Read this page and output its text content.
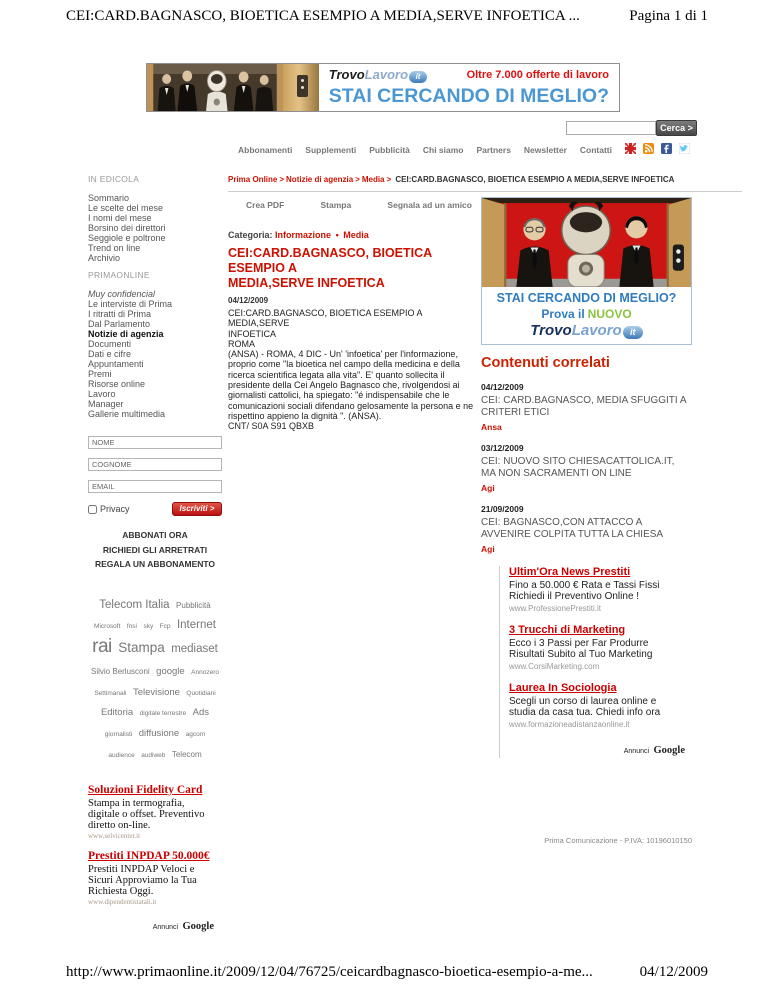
CEI:CARD.BAGNASCO, BIOETICA ESEMPIO A MEDIA,SERVE INFOETICA ...	Pagina 1 di 1
TrovoLavoro it	Oltre 7.000 offerte di lavoro
STAI CERCANDO DI MEGLIO?
Cerca >
Abbonamenti Supplementi Pubblicità Chi siamo Partners Newsletter Contatti
Prima Online > Notizie di agenzia > Media > CEI:CARD.BAGNASCO, BIOETICA ESEMPIO A MEDIA,SERVE INFOETICA
IN EDICOLA
Sommario
Le scelte del mese
I nomi del mese
Borsino dei direttori
Seggiole e poltrone
Trend on line
Archivio
PRIMAONLINE
Muy confidencial
Le interviste di Prima
I ritratti di Prima
Dal Parlamento
Notizie di agenzia
Documenti
Dati e cifre
Appuntamenti
Premi
Risorse online
Lavoro
Manager
Gallerie multimedia
NOME
COGNOME
EMAIL
Privacy	Iscriviti >
ABBONATI ORA
RICHIEDI GLI ARRETRATI
REGALA UN ABBONAMENTO
Telecom Italia Pubblicità Microsoft fnsi sky Fcp Internet rai Stampa mediaset Silvio Berlusconi google Annozero Settimanali Televisione Quotidiani Editoria digitale terrestre Ads giornalisti diffusione agcom audience audiweb Telecom
Soluzioni Fidelity Card
Stampa in termografia,
digitale o offset. Preventivo
diretto on-line.
www.selvicenter.it
Prestiti INPDAP 50.000€
Prestiti INPDAP Veloci e
Sicuri Approviamo la Tua
Richiesta Oggi.
www.dipendentistatali.it
Annunci Google
Crea PDF	Stampa	Segnala ad un amico
Categoria: Informazione • Media
CEI:CARD.BAGNASCO, BIOETICA ESEMPIO A
MEDIA,SERVE INFOETICA
04/12/2009
CEI:CARD.BAGNASCO, BIOETICA ESEMPIO A MEDIA,SERVE
INFOETICA
ROMA
(ANSA) - ROMA, 4 DIC - Un' 'infoetica' per l'informazione,
proprio come "la bioetica nel campo della medicina e della
ricerca scientifica legata alla vita". E' quanto sollecita il
presidente della Cei Angelo Bagnasco che, rivolgendosi ai
giornalisti cattolici, ha spiegato: "é indispensabile che le
comunicazioni sociali difendano gelosamente la persona e ne
rispettino appieno la dignità ". (ANSA).
CNT/ S0A S91 QBXB
STAI CERCANDO DI MEGLIO?
Prova il NUOVO
TrovoLavoro it
Contenuti correlati
04/12/2009
CEI: CARD.BAGNASCO, MEDIA SFUGGITI A
CRITERI ETICI
Ansa
03/12/2009
CEI: NUOVO SITO CHIESACATTOLICA.IT,
MA NON SACRAMENTI ON LINE
Agi
21/09/2009
CEI: BAGNASCO,CON ATTACCO A
AVVENIRE COLPITA TUTTA LA CHIESA
Agi
Ultim'Ora News Prestiti
Fino a 50.000 € Rata e Tassi Fissi
Richiedi il Preventivo Online !
www.ProfessionePrestiti.it
3 Trucchi di Marketing
Ecco i 3 Passi per Far Produrre
Risultati Subito al Tuo Marketing
www.CorsiMarketing.com
Laurea In Sociologia
Scegli un corso di laurea online e
studia da casa tua. Chiedi info ora
www.formazioneadistanzaonline.it
Annunci Google
Prima Comunicazione - P.IVA: 10196010150
http://www.primaonline.it/2009/12/04/76725/ceicardbagnasco-bioetica-esempio-a-me...	04/12/2009
